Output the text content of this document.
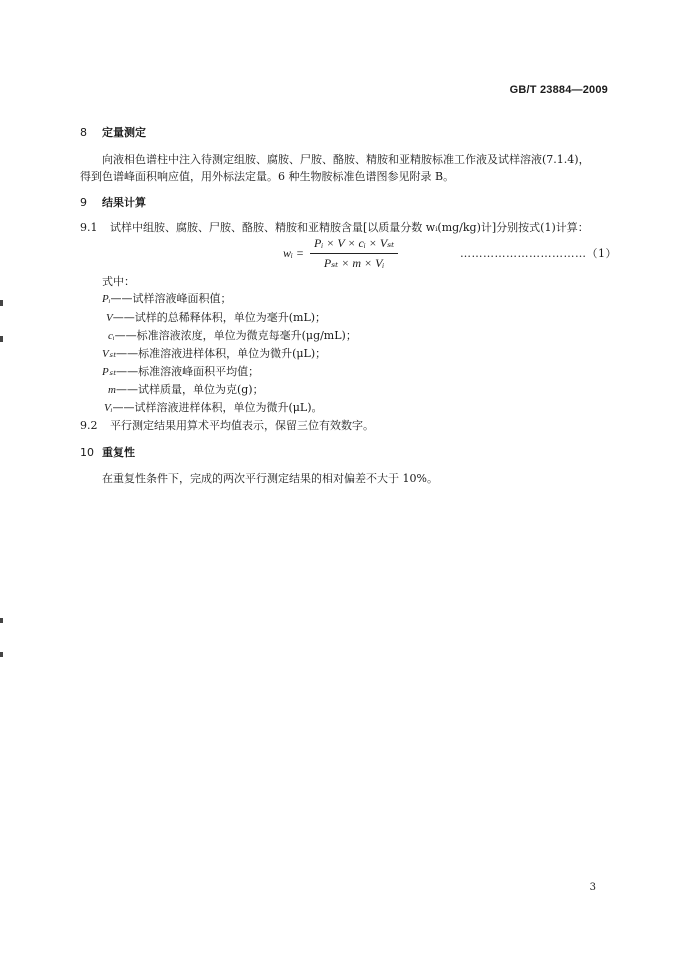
GB/T 23884—2009
8 定量测定
向液相色谱柱中注入待测定组胺、腐胺、尸胺、酪胺、精胺和亚精胺标准工作液及试样溶液(7.1.4)，
得到色谱峰面积响应值，用外标法定量。6 种生物胺标准色谱图参见附录 B。
9 结果计算
9.1 试样中组胺、腐胺、尸胺、酪胺、精胺和亚精胺含量[以质量分数 wᵢ(mg/kg)计]分别按式(1)计算：
wᵢ = $\frac{\text{Pᵢ × V × cᵢ × Vₛₜ}}{\text{Pₛₜ × m × Vᵢ}}$	……………………………（1）
式中：
Pᵢ——试样溶液峰面积值；
V——试样的总稀释体积，单位为毫升(mL)；
cᵢ——标准溶液浓度，单位为微克每毫升(μg/mL)；
Vₛₜ——标准溶液进样体积，单位为微升(μL)；
Pₛₜ——标准溶液峰面积平均值；
m——试样质量，单位为克(g)；
Vᵢ——试样溶液进样体积，单位为微升(μL)。
9.2 平行测定结果用算术平均值表示，保留三位有效数字。
10 重复性
在重复性条件下，完成的两次平行测定结果的相对偏差不大于 10%。
3
